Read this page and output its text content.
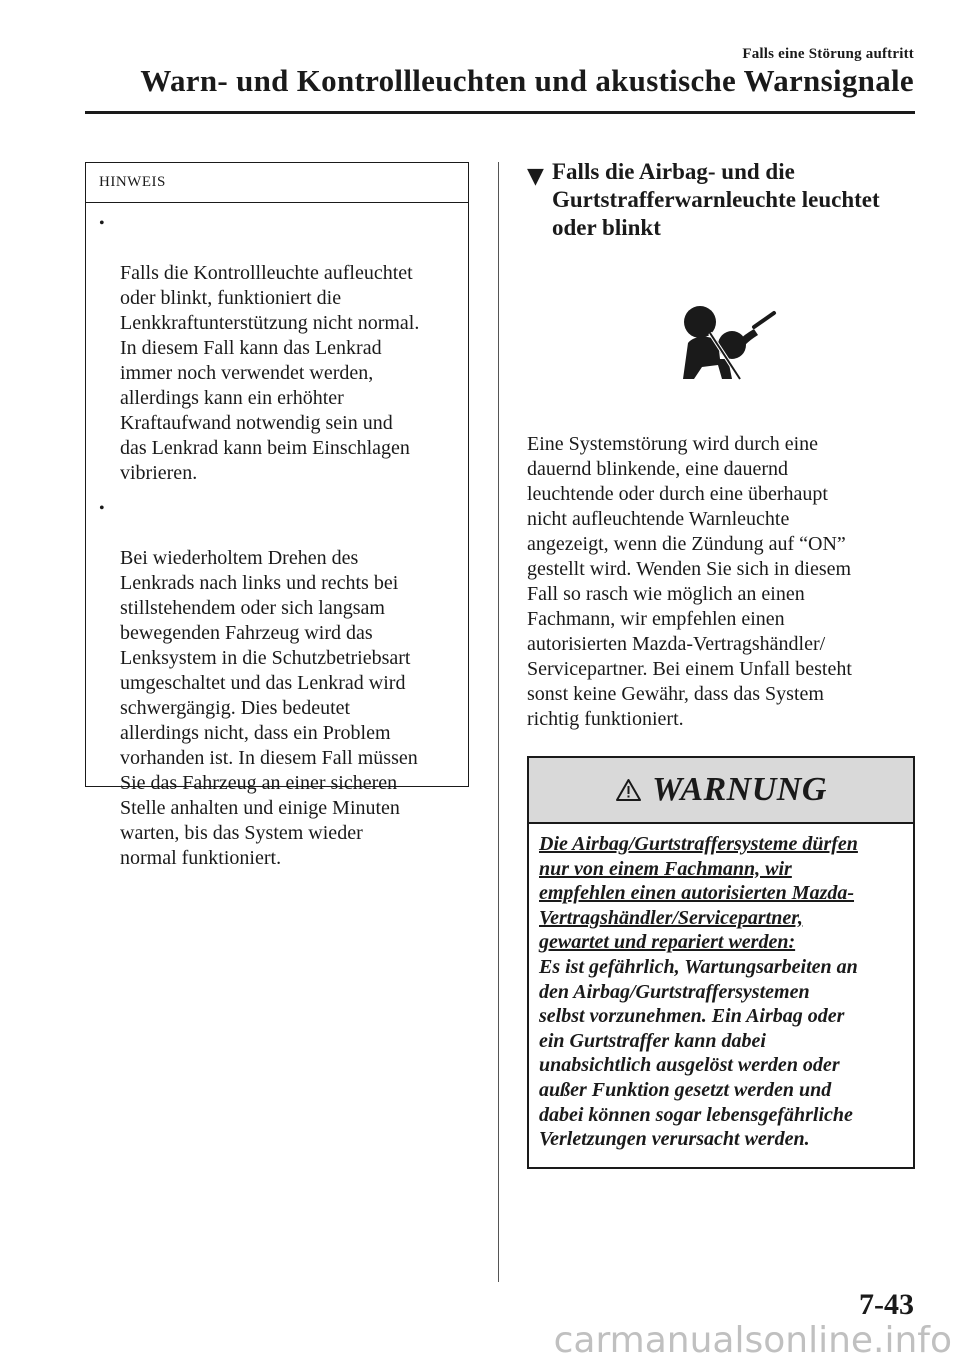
Falls eine Störung auftritt
Warn- und Kontrollleuchten und akustische Warnsignale
HINWEIS

•

Falls die Kontrollleuchte aufleuchtet
oder blinkt, funktioniert die
Lenkkraftunterstützung nicht normal.
In diesem Fall kann das Lenkrad
immer noch verwendet werden,
allerdings kann ein erhöhter
Kraftaufwand notwendig sein und
das Lenkrad kann beim Einschlagen
vibrieren.

•

Bei wiederholtem Drehen des
Lenkrads nach links und rechts bei
stillstehendem oder sich langsam
bewegenden Fahrzeug wird das
Lenksystem in die Schutzbetriebsart
umgeschaltet und das Lenkrad wird
schwergängig. Dies bedeutet
allerdings nicht, dass ein Problem
vorhanden ist. In diesem Fall müssen
Sie das Fahrzeug an einer sicheren
Stelle anhalten und einige Minuten
warten, bis das System wieder
normal funktioniert.

▼ Falls die Airbag- und die
Gurtstrafferwarnleuchte leuchtet
oder blinkt
Eine Systemstörung wird durch eine
dauernd blinkende, eine dauernd
leuchtende oder durch eine überhaupt
nicht aufleuchtende Warnleuchte
angezeigt, wenn die Zündung auf “ON”
gestellt wird. Wenden Sie sich in diesem
Fall so rasch wie möglich an einen
Fachmann, wir empfehlen einen
autorisierten Mazda-Vertragshändler/
Servicepartner. Bei einem Unfall besteht
sonst keine Gewähr, dass das System
richtig funktioniert.
WARNUNG
Die Airbag/Gurtstraffersysteme dürfen
nur von einem Fachmann, wir
empfehlen einen autorisierten Mazda-
Vertragshändler/Servicepartner,
gewartet und repariert werden:
Es ist gefährlich, Wartungsarbeiten an
den Airbag/Gurtstraffersystemen
selbst vorzunehmen. Ein Airbag oder
ein Gurtstraffer kann dabei
unabsichtlich ausgelöst werden oder
außer Funktion gesetzt werden und
dabei können sogar lebensgefährliche
Verletzungen verursacht werden.
7-43
carmanualsonline.info
